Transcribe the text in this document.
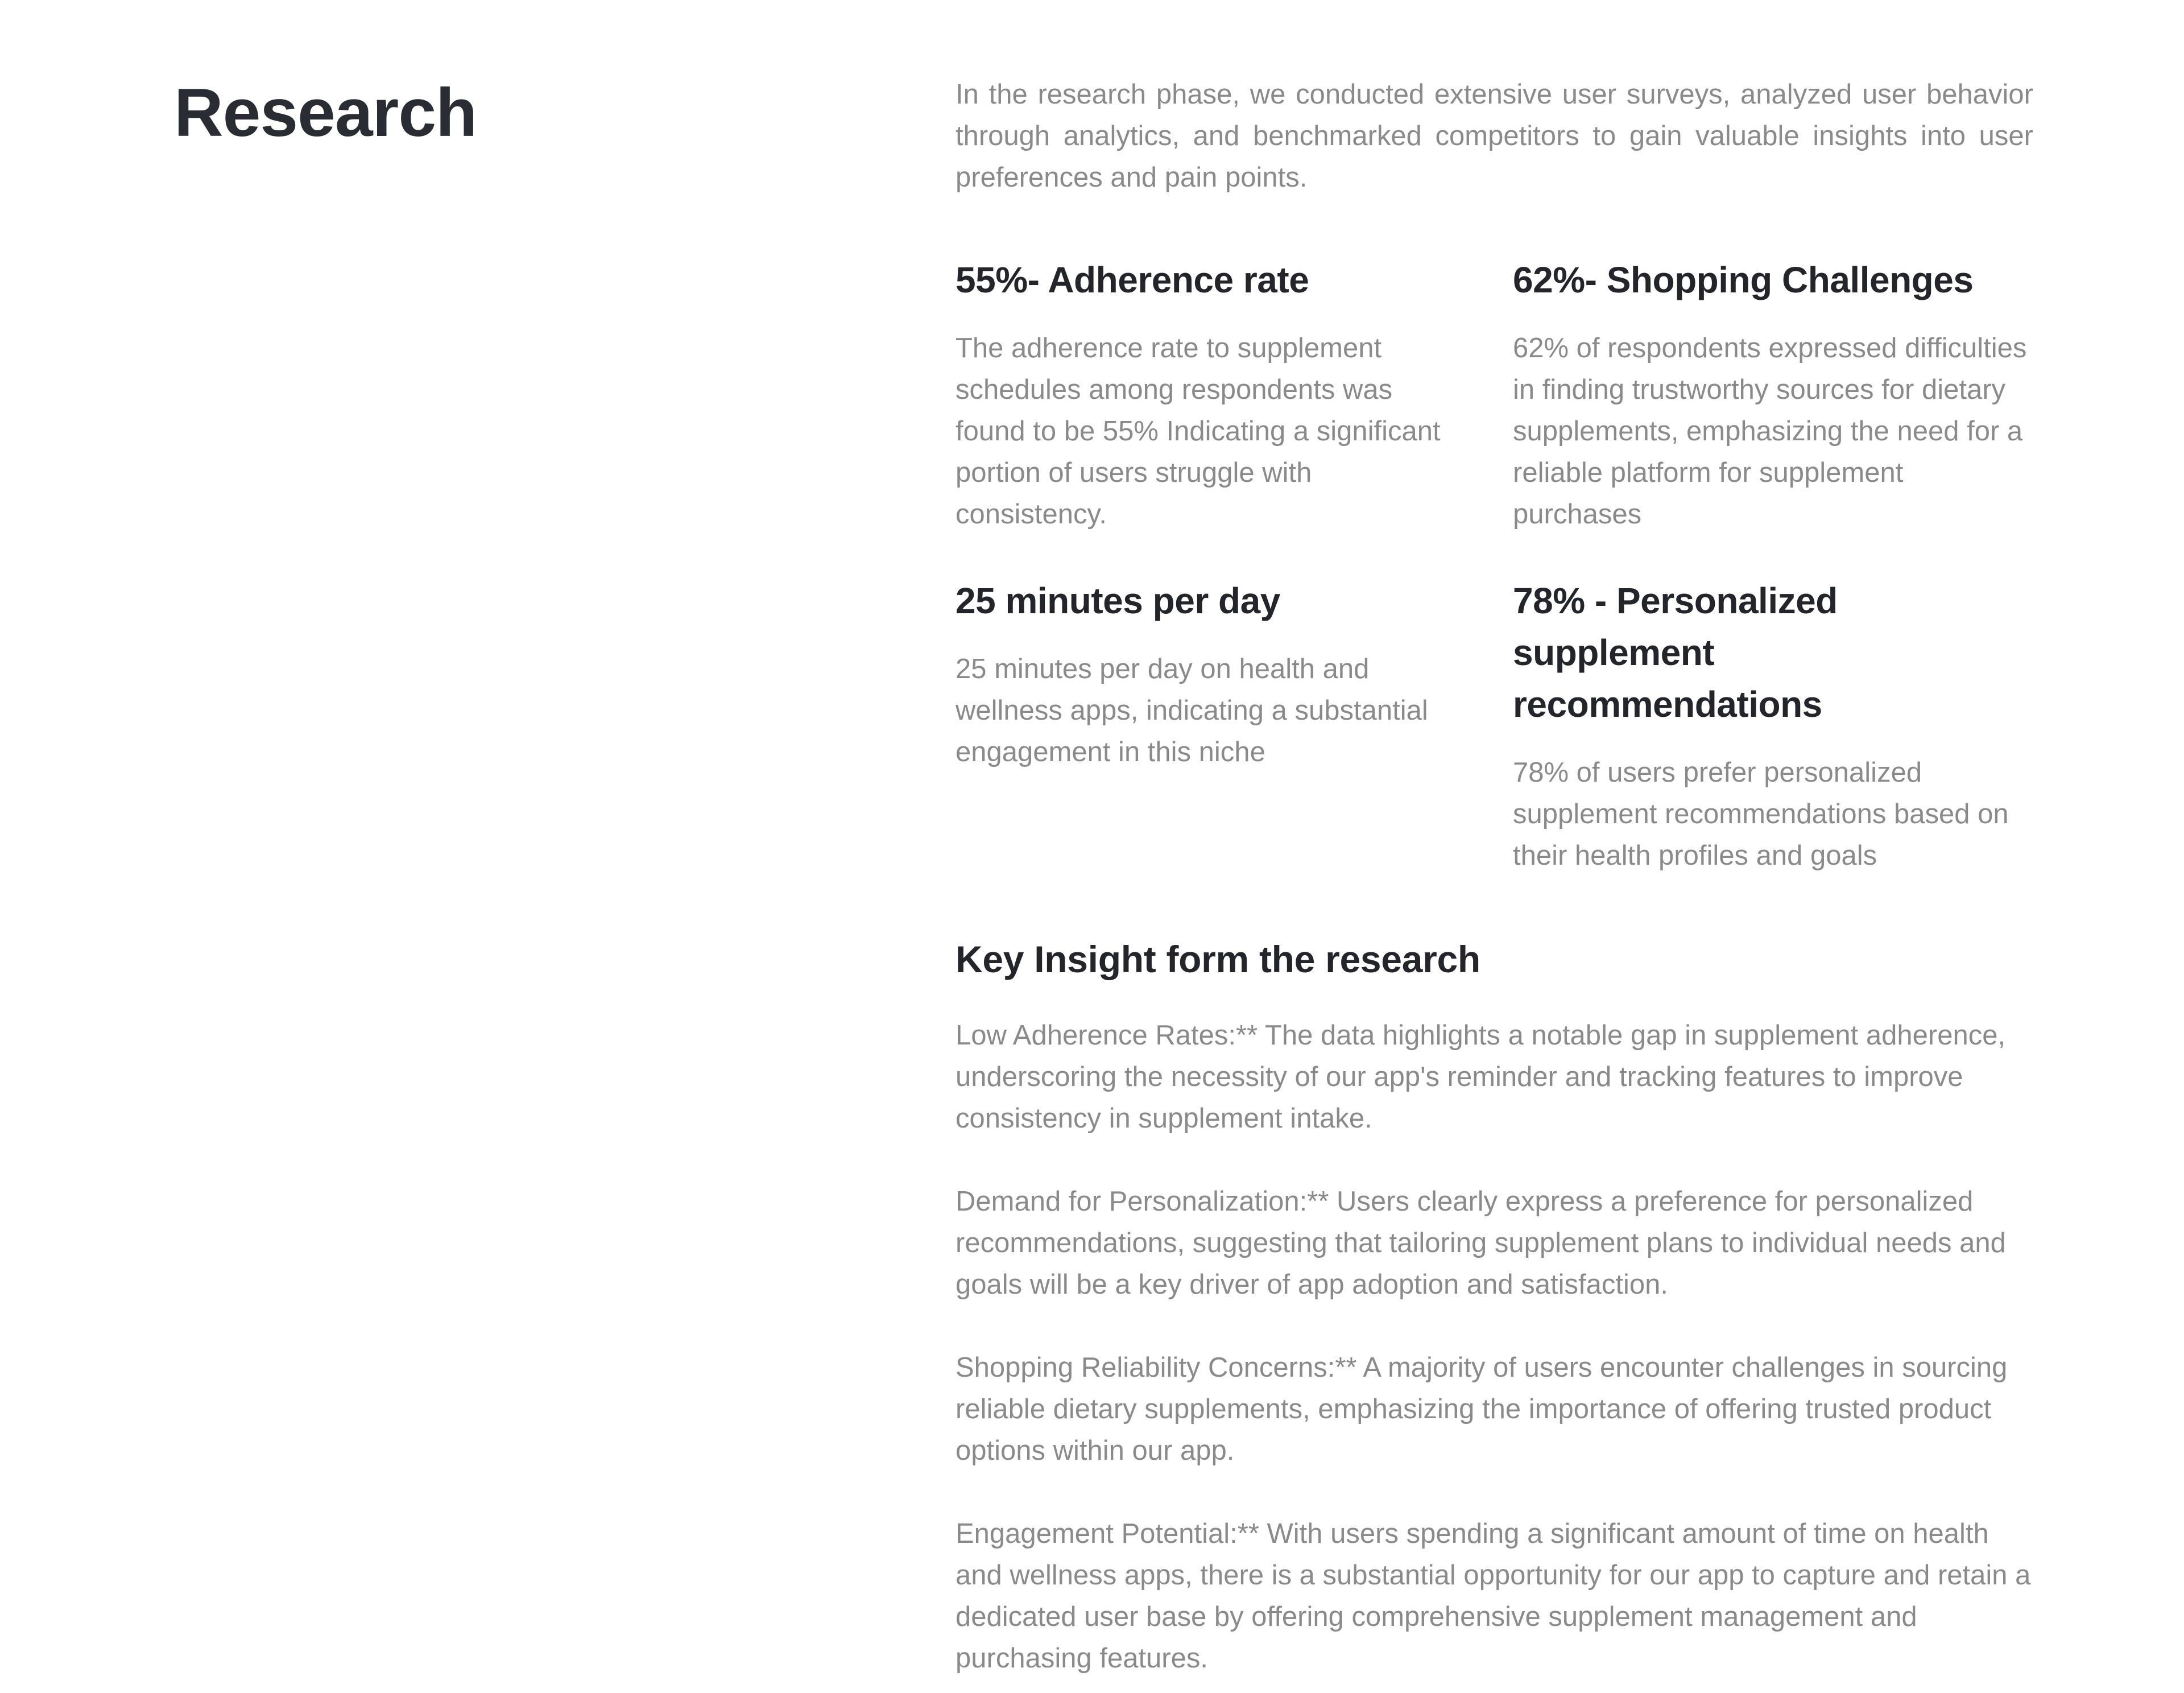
Research	In the research phase, we conducted extensive user surveys, analyzed user behavior through analytics, and benchmarked competitors to gain valuable insights into user preferences and pain points.

55%- Adherence rate

The adherence rate to supplement schedules among respondents was found to be 55% Indicating a significant portion of users struggle with consistency.

62%- Shopping Challenges

62% of respondents expressed difficulties in finding trustworthy sources for dietary supplements, emphasizing the need for a reliable platform for supplement purchases

25 minutes per day

25 minutes per day on health and wellness apps, indicating a substantial engagement in this niche

78% - Personalized supplement recommendations

78% of users prefer personalized supplement recommendations based on their health profiles and goals

Key Insight form the research

Low Adherence Rates:** The data highlights a notable gap in supplement adherence, underscoring the necessity of our app's reminder and tracking features to improve consistency in supplement intake.

Demand for Personalization:** Users clearly express a preference for personalized recommendations, suggesting that tailoring supplement plans to individual needs and goals will be a key driver of app adoption and satisfaction.

Shopping Reliability Concerns:** A majority of users encounter challenges in sourcing reliable dietary supplements, emphasizing the importance of offering trusted product options within our app.

Engagement Potential:** With users spending a significant amount of time on health and wellness apps, there is a substantial opportunity for our app to capture and retain a dedicated user base by offering comprehensive supplement management and purchasing features.
